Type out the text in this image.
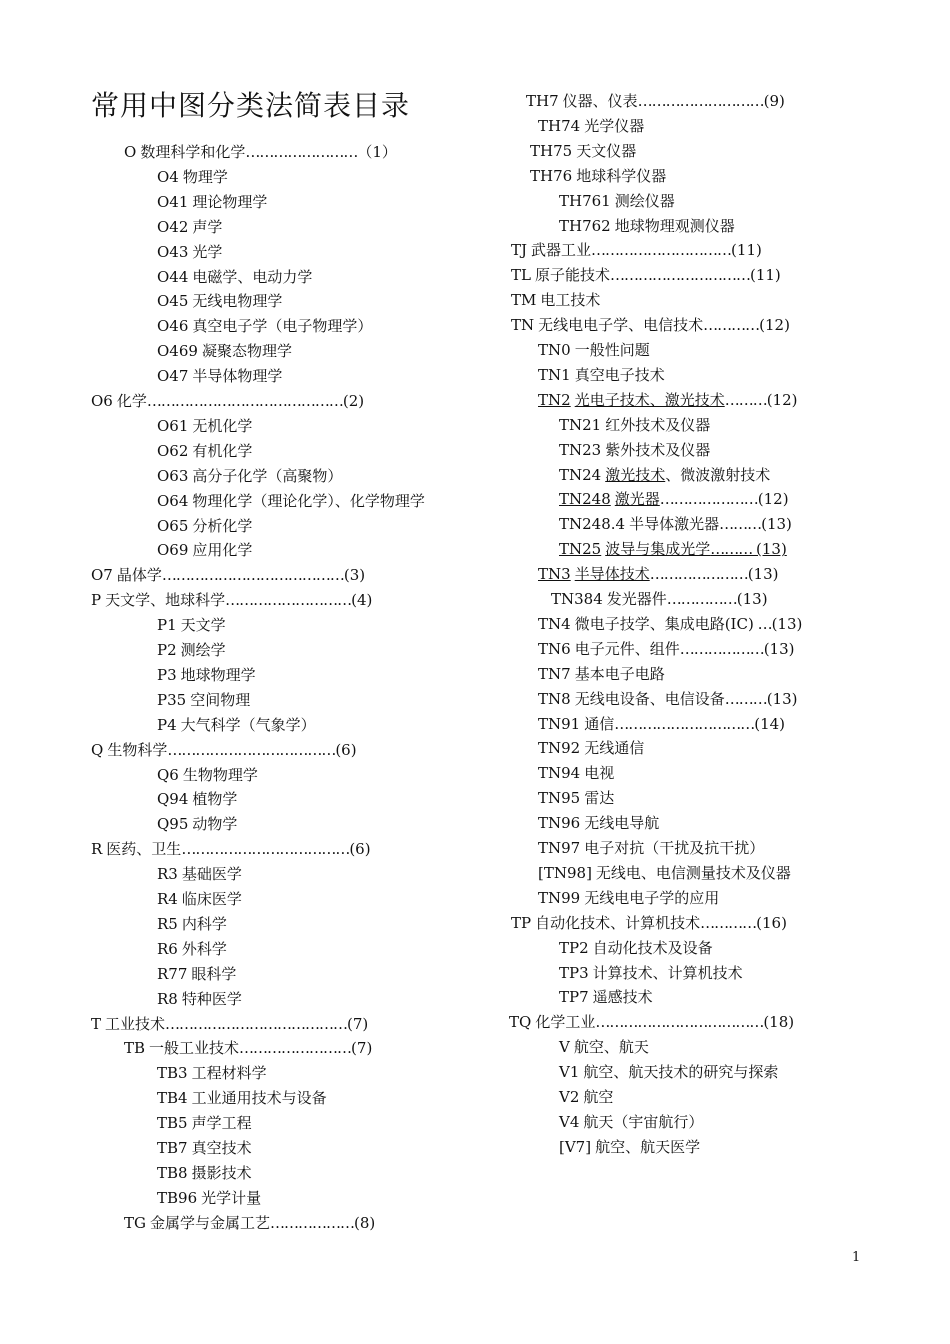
常用中图分类法简表目录
O 数理科学和化学……………………（1）
O4 物理学
O41 理论物理学
O42 声学
O43 光学
O44 电磁学、电动力学
O45 无线电物理学
O46 真空电子学（电子物理学）
O469 凝聚态物理学
O47 半导体物理学
O6 化学……………………………………(2)
O61 无机化学
O62 有机化学
O63 高分子化学（高聚物）
O64 物理化学（理论化学）、化学物理学
O65 分析化学
O69 应用化学
O7 晶体学…………………………………(3)
P 天文学、地球科学………………………(4)
P1 天文学
P2 测绘学
P3 地球物理学
P35 空间物理
P4 大气科学（气象学）
Q 生物科学………………………………(6)
Q6 生物物理学
Q94 植物学
Q95 动物学
R 医药、卫生………………………………(6)
R3 基础医学
R4 临床医学
R5 内科学
R6 外科学
R77 眼科学
R8 特种医学
T 工业技术…………………………………(7)
TB 一般工业技术……………………(7)
TB3 工程材料学
TB4 工业通用技术与设备
TB5 声学工程
TB7 真空技术
TB8 摄影技术
TB96 光学计量
TG 金属学与金属工艺………………(8)
TH7 仪器、仪表………………………(9)
TH74 光学仪器
TH75 天文仪器
TH76 地球科学仪器
TH761 测绘仪器
TH762 地球物理观测仪器
TJ 武器工业…………………………(11)
TL 原子能技术…………………………(11)
TM 电工技术
TN 无线电电子学、电信技术…………(12)
TN0 一般性问题
TN1 真空电子技术
TN2 光电子技术、激光技术………(12)
TN21 红外技术及仪器
TN23 紫外技术及仪器
TN24 激光技术、微波激射技术
TN248 激光器…………………(12)
TN248.4 半导体激光器………(13)
TN25 波导与集成光学……… (13)
TN3 半导体技术…………………(13)
TN384 发光器件……………(13)
TN4 微电子技学、集成电路(IC) …(13)
TN6 电子元件、组件………………(13)
TN7 基本电子电路
TN8 无线电设备、电信设备………(13)
TN91 通信…………………………(14)
TN92 无线通信
TN94 电视
TN95 雷达
TN96 无线电导航
TN97 电子对抗（干扰及抗干扰）
[TN98] 无线电、电信测量技术及仪器
TN99 无线电电子学的应用
TP 自动化技术、计算机技术…………(16)
TP2 自动化技术及设备
TP3 计算技术、计算机技术
TP7 遥感技术
TQ 化学工业………………………………(18)
V 航空、航天
V1 航空、航天技术的研究与探索
V2 航空
V4 航天（宇宙航行）
[V7] 航空、航天医学
1
